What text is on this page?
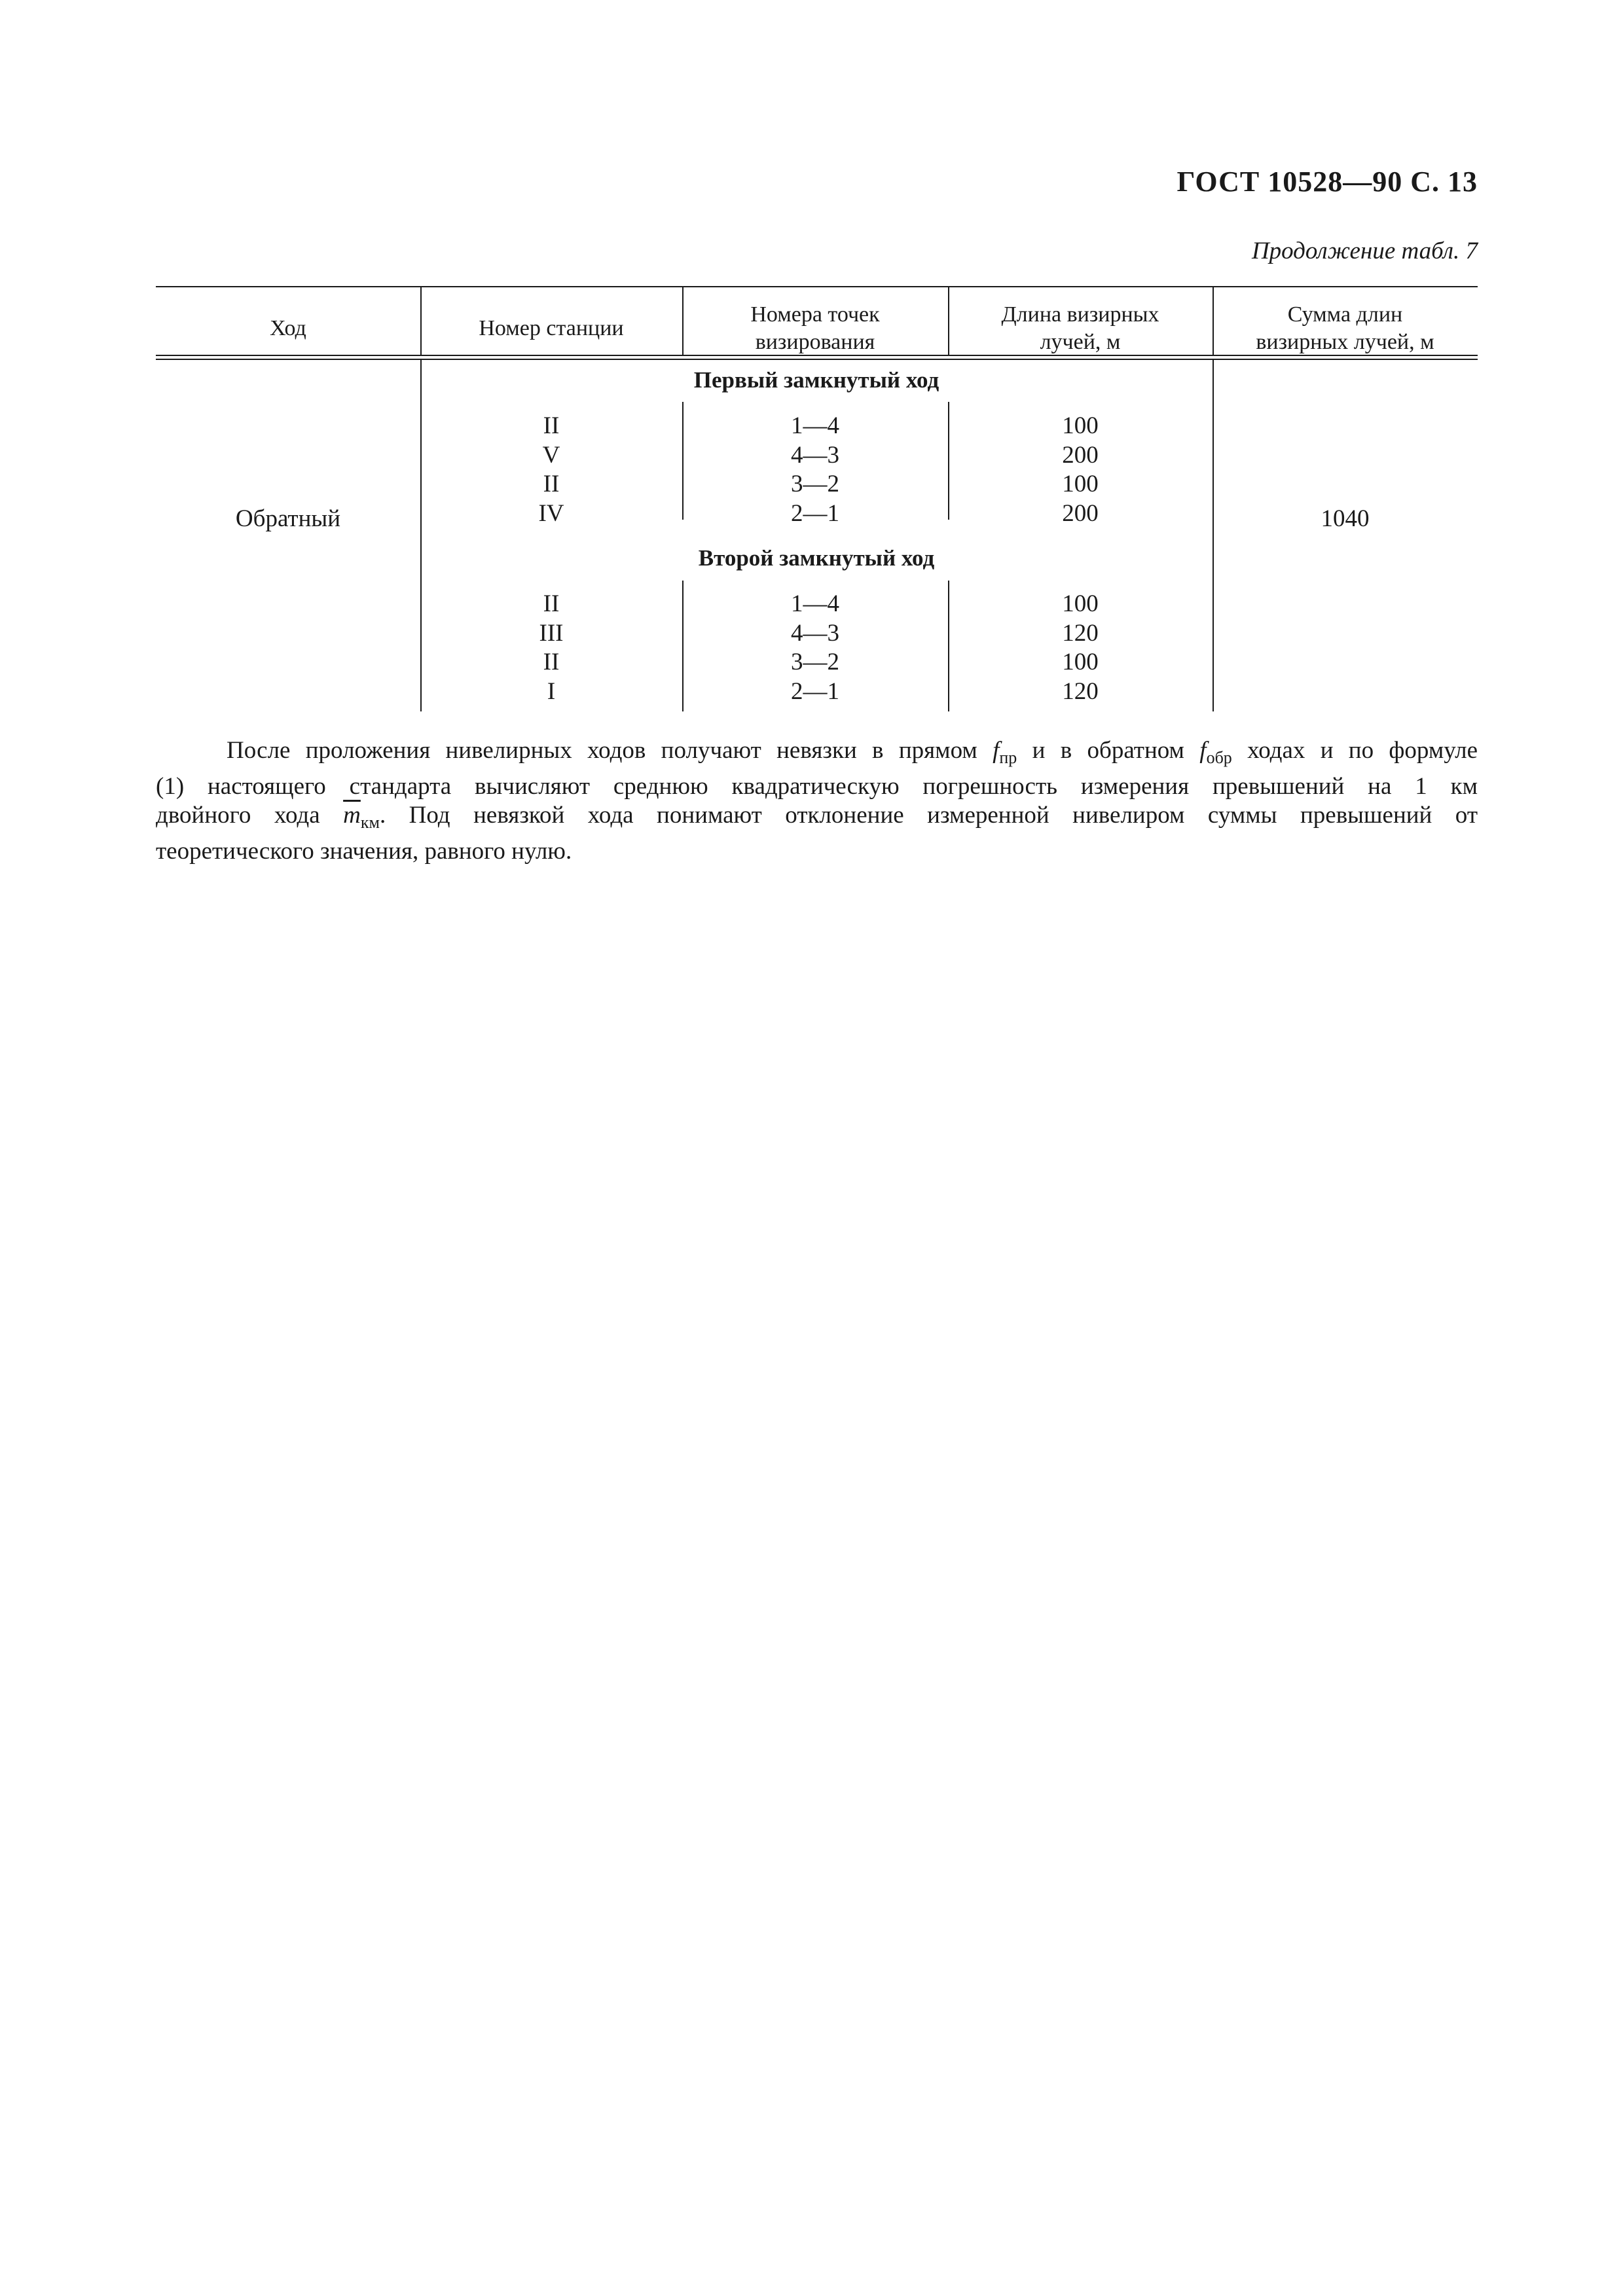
ГОСТ 10528—90 С. 13
Продолжение табл. 7
Ход	Номер станции
Номера точек
визирования
Длина визирных
лучей, м
Сумма длин
визирных лучей, м
Обратный	1040
Первый замкнутый ход
II
V
II
IV
1—4
4—3
3—2
2—1
100
200
100
200
Второй замкнутый ход
II
III
II
I
1—4
4—3
3—2
2—1
100
120
100
120
После проложения нивелирных ходов получают невязки в прямом $f_{пр}$ и в обратном $f_{обр}$ ходах и по формуле
(1) настоящего стандарта вычисляют среднюю квадратическую погрешность измерения превышений на 1 км
двойного хода $\overline{m}_{км}$. Под невязкой хода понимают отклонение измеренной нивелиром суммы превышений от
теоретического значения, равного нулю.
